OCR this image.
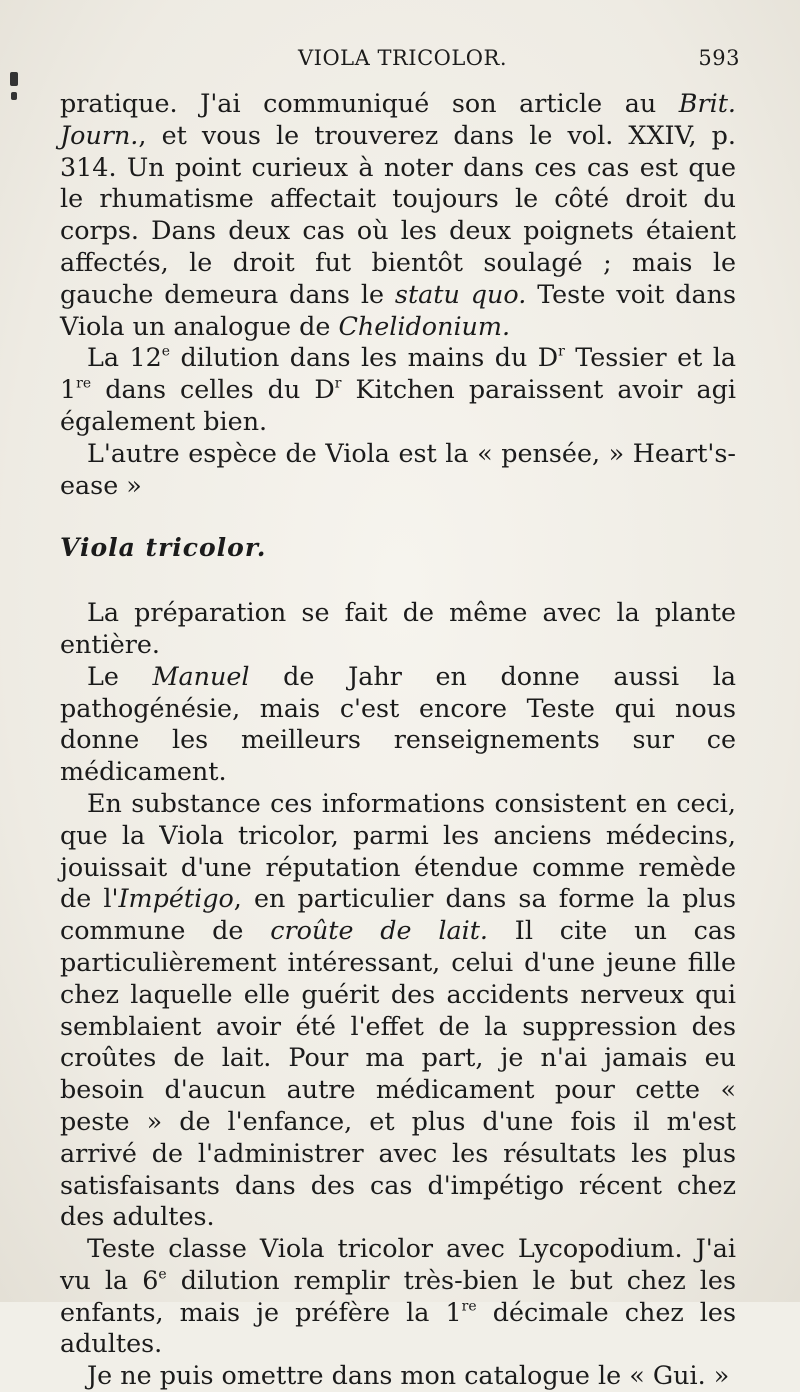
VIOLA TRICOLOR.	593

pratique. J'ai communiqué son article au Brit. Journ., et vous le trouverez dans le vol. XXIV, p. 314. Un point curieux à noter dans ces cas est que le rhumatisme affectait toujours le côté droit du corps. Dans deux cas où les deux poignets étaient affectés, le droit fut bientôt soulagé ; mais le gauche demeura dans le statu quo. Teste voit dans Viola un analogue de Chelidonium.

La 12e dilution dans les mains du $D^r$ Tessier et la 1re dans celles du $D^r$ Kitchen paraissent avoir agi également bien.

L'autre espèce de Viola est la « pensée, » Heart's-ease »

Viola tricolor.

La préparation se fait de même avec la plante entière.

Le Manuel de Jahr en donne aussi la pathogénésie, mais c'est encore Teste qui nous donne les meilleurs renseignements sur ce médicament.

En substance ces informations consistent en ceci, que la Viola tricolor, parmi les anciens médecins, jouissait d'une réputation étendue comme remède de l'Impétigo, en particulier dans sa forme la plus commune de croûte de lait. Il cite un cas particulièrement intéressant, celui d'une jeune fille chez laquelle elle guérit des accidents nerveux qui semblaient avoir été l'effet de la suppression des croûtes de lait. Pour ma part, je n'ai jamais eu besoin d'aucun autre médicament pour cette « peste » de l'enfance, et plus d'une fois il m'est arrivé de l'administrer avec les résultats les plus satisfaisants dans des cas d'impétigo récent chez des adultes.

Teste classe Viola tricolor avec Lycopodium. J'ai vu la 6e dilution remplir très-bien le but chez les enfants, mais je préfère la 1re décimale chez les adultes.

Je ne puis omettre dans mon catalogue le « Gui. »
